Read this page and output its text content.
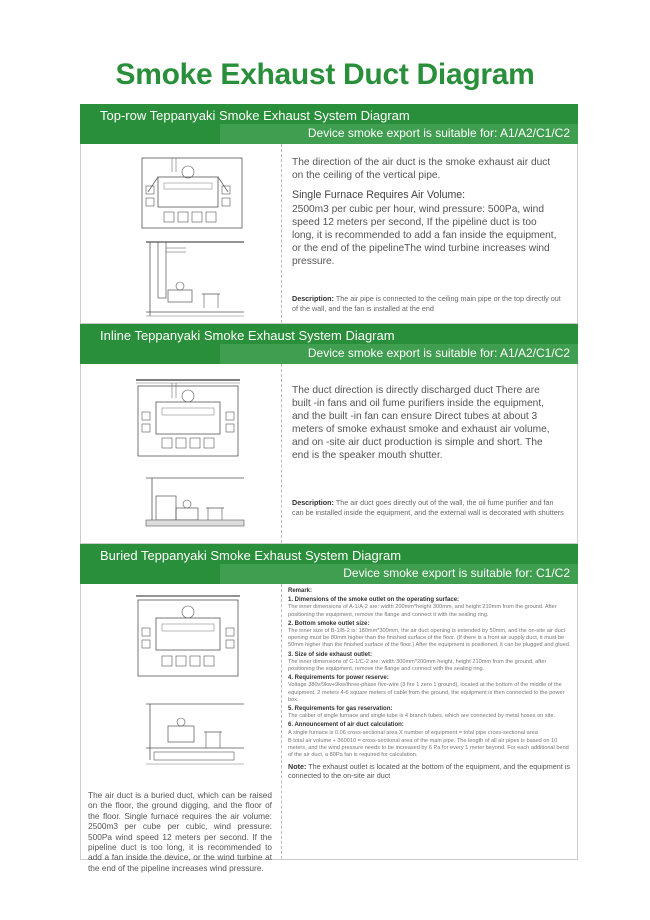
Smoke Exhaust Duct Diagram
Top-row Teppanyaki Smoke Exhaust System Diagram
Device smoke export is suitable for: A1/A2/C1/C2
The direction of the air duct is the smoke exhaust air duct on the ceiling of the vertical pipe.
Single Furnace Requires Air Volume:
2500m3 per cubic per hour, wind pressure: 500Pa, wind speed 12 meters per second, If the pipeline duct is too long, it is recommended to add a fan inside the equipment, or the end of the pipelineThe wind turbine increases wind pressure.
Description: The air pipe is connected to the ceiling main pipe or the top directly out of the wall, and the fan is installed at the end
Inline Teppanyaki Smoke Exhaust System Diagram
Device smoke export is suitable for: A1/A2/C1/C2
The duct direction is directly discharged duct There are built -in fans and oil fume purifiers inside the equipment, and the built -in fan can ensure Direct tubes at about 3 meters of smoke exhaust smoke and exhaust air volume, and on -site air duct production is simple and short. The end is the speaker mouth shutter.
Description: The air duct goes directly out of the wall, the oil fume purifier and fan can be installed inside the equipment, and the external wall is decorated with shutters
Buried Teppanyaki Smoke Exhaust System Diagram
Device smoke export is suitable for: C1/C2
The air duct is a buried duct, which can be raised on the floor, the ground digging, and the floor of the floor. Single furnace requires the air volume: 2500m3 per cube per cubic, wind pressure: 500Pa wind speed 12 meters per second. If the pipeline duct is too long, it is recommended to add a fan inside the device, or the wind turbine at the end of the pipeline increases wind pressure.
Remark:
1. Dimensions of the smoke outlet on the operating surface:
The inner dimensions of A-1/A-2 are: width 200mm*height 300mm, and height 210mm from the ground. After positioning the equipment, remove the flange and connect it with the sealing ring.
2. Bottom smoke outlet size:
The inner size of B-1/B-2 is: 180mm*300mm, the air duct opening is extended by 50mm, and the on-site air duct opening must be 80mm higher than the finished surface of the floor. (If there is a front air supply duct, it must be 50mm higher than the finished surface of the floor.) After the equipment is positioned, it can be plugged and glued.
3. Size of side exhaust outlet:
The inner dimensions of C-1/C-2 are: width 300mm*200mm height, height 210mm from the ground, after positioning the equipment, remove the flange and connect with the sealing ring.
4. Requirements for power reserve:
Voltage 380v/9kw+9kw/three-phase five-wire (3 fire 1 zero 1 ground), located at the bottom of the middle of the equipment, 2 meters 4-6 square meters of cable from the ground, the equipment is then connected to the power box.
5. Requirements for gas reservation:
The caliber of single furnace and single tube is 4 branch tubes, which are connected by metal hoses on site.
6. Announcement of air duct calculation:
A single furnace is 0.06 cross-sectional area X number of equipment = total pipe cross-sectional area
B total air volume ÷ 360010 = cross-sectional area of the main pipe. The length of all air pipes is based on 10 meters, and the wind pressure needs to be increased by 6 Pa for every 1 meter beyond. For each additional bend of the air duct, a 80Pa fan is required for calculation.
Note: The exhaust outlet is located at the bottom of the equipment, and the equipment is connected to the on-site air duct
